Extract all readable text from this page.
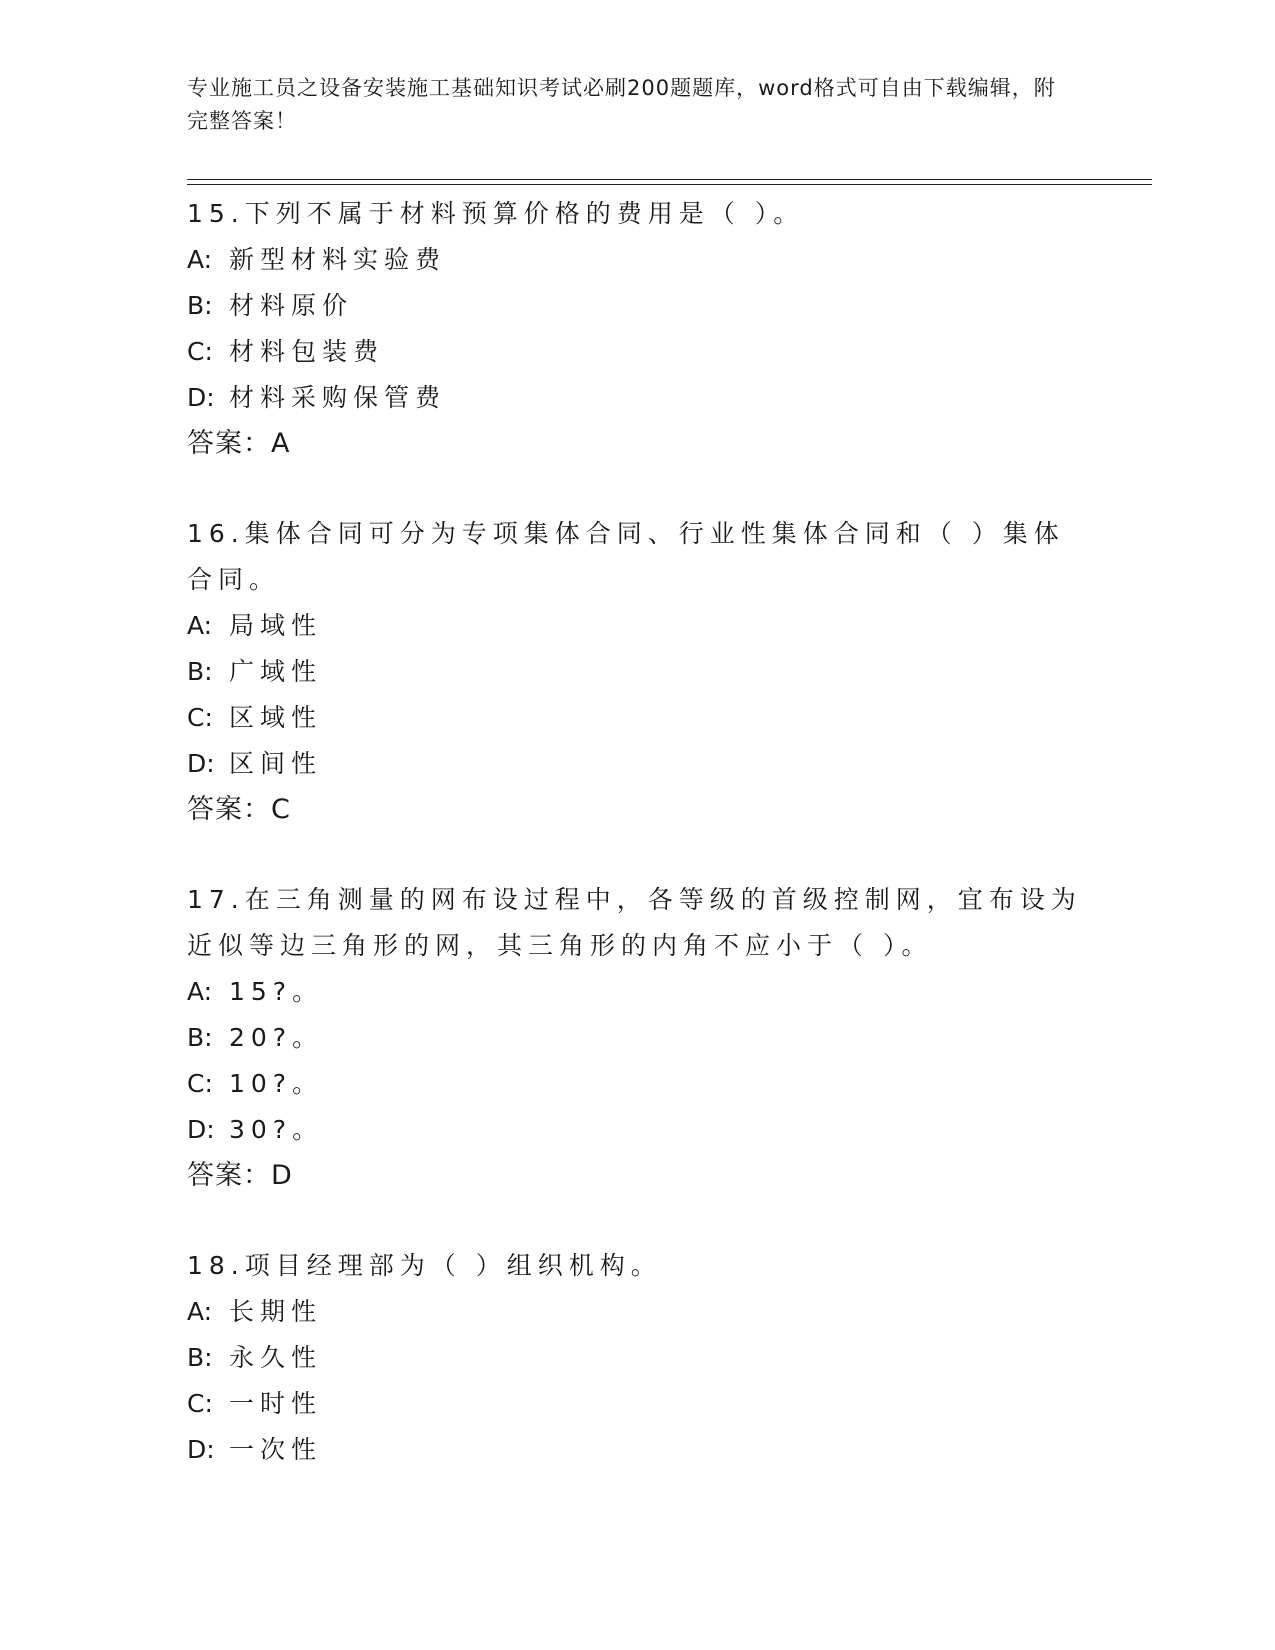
专业施工员之设备安装施工基础知识考试必刷200题题库，word格式可自由下载编辑，附完整答案！

15.下列不属于材料预算价格的费用是（ ）。

A: 新型材料实验费

B: 材料原价

C: 材料包装费

D: 材料采购保管费

答案：A

16.集体合同可分为专项集体合同、行业性集体合同和（ ）集体合同。

A: 局域性

B: 广域性

C: 区域性

D: 区间性

答案：C

17.在三角测量的网布设过程中，各等级的首级控制网，宜布设为近似等边三角形的网，其三角形的内角不应小于（ ）。

A: 15?。

B: 20?。

C: 10?。

D: 30?。

答案：D

18.项目经理部为（ ）组织机构。

A: 长期性

B: 永久性

C: 一时性

D: 一次性
